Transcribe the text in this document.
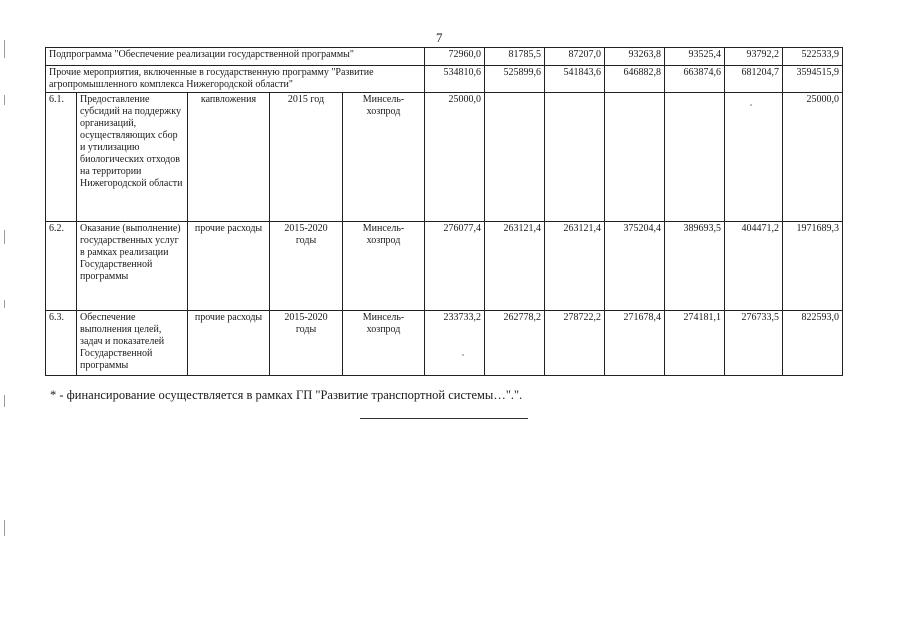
7
Подпрограмма "Обеспечение реализации государственной программы"					72960,0	81785,5	87207,0	93263,8	93525,4	93792,2	522533,9
Прочие мероприятия, включенные в государственную программу "Развитие агропромышленного комплекса Нижегородской области"					534810,6	525899,6	541843,6	646882,8	663874,6	681204,7	3594515,9
6.1.	Предоставление субсидий на поддержку организаций, осуществляющих сбор и утилизацию биологических отходов на территории Нижегородской области	капвложения	2015 год	Минсель-хозпрод	25000,0						25000,0
6.2.	Оказание (выполнение) государственных услуг в рамках реализации Государственной программы	прочие расходы	2015-2020 годы	Минсель-хозпрод	276077,4	263121,4	263121,4	375204,4	389693,5	404471,2	1971689,3
6.3.	Обеспечение выполнения целей, задач и показателей Государственной программы	прочие расходы	2015-2020 годы	Минсель-хозпрод	233733,2	262778,2	278722,2	271678,4	274181,1	276733,5	822593,0
* - финансирование осуществляется в рамках ГП "Развитие транспортной системы…".".
